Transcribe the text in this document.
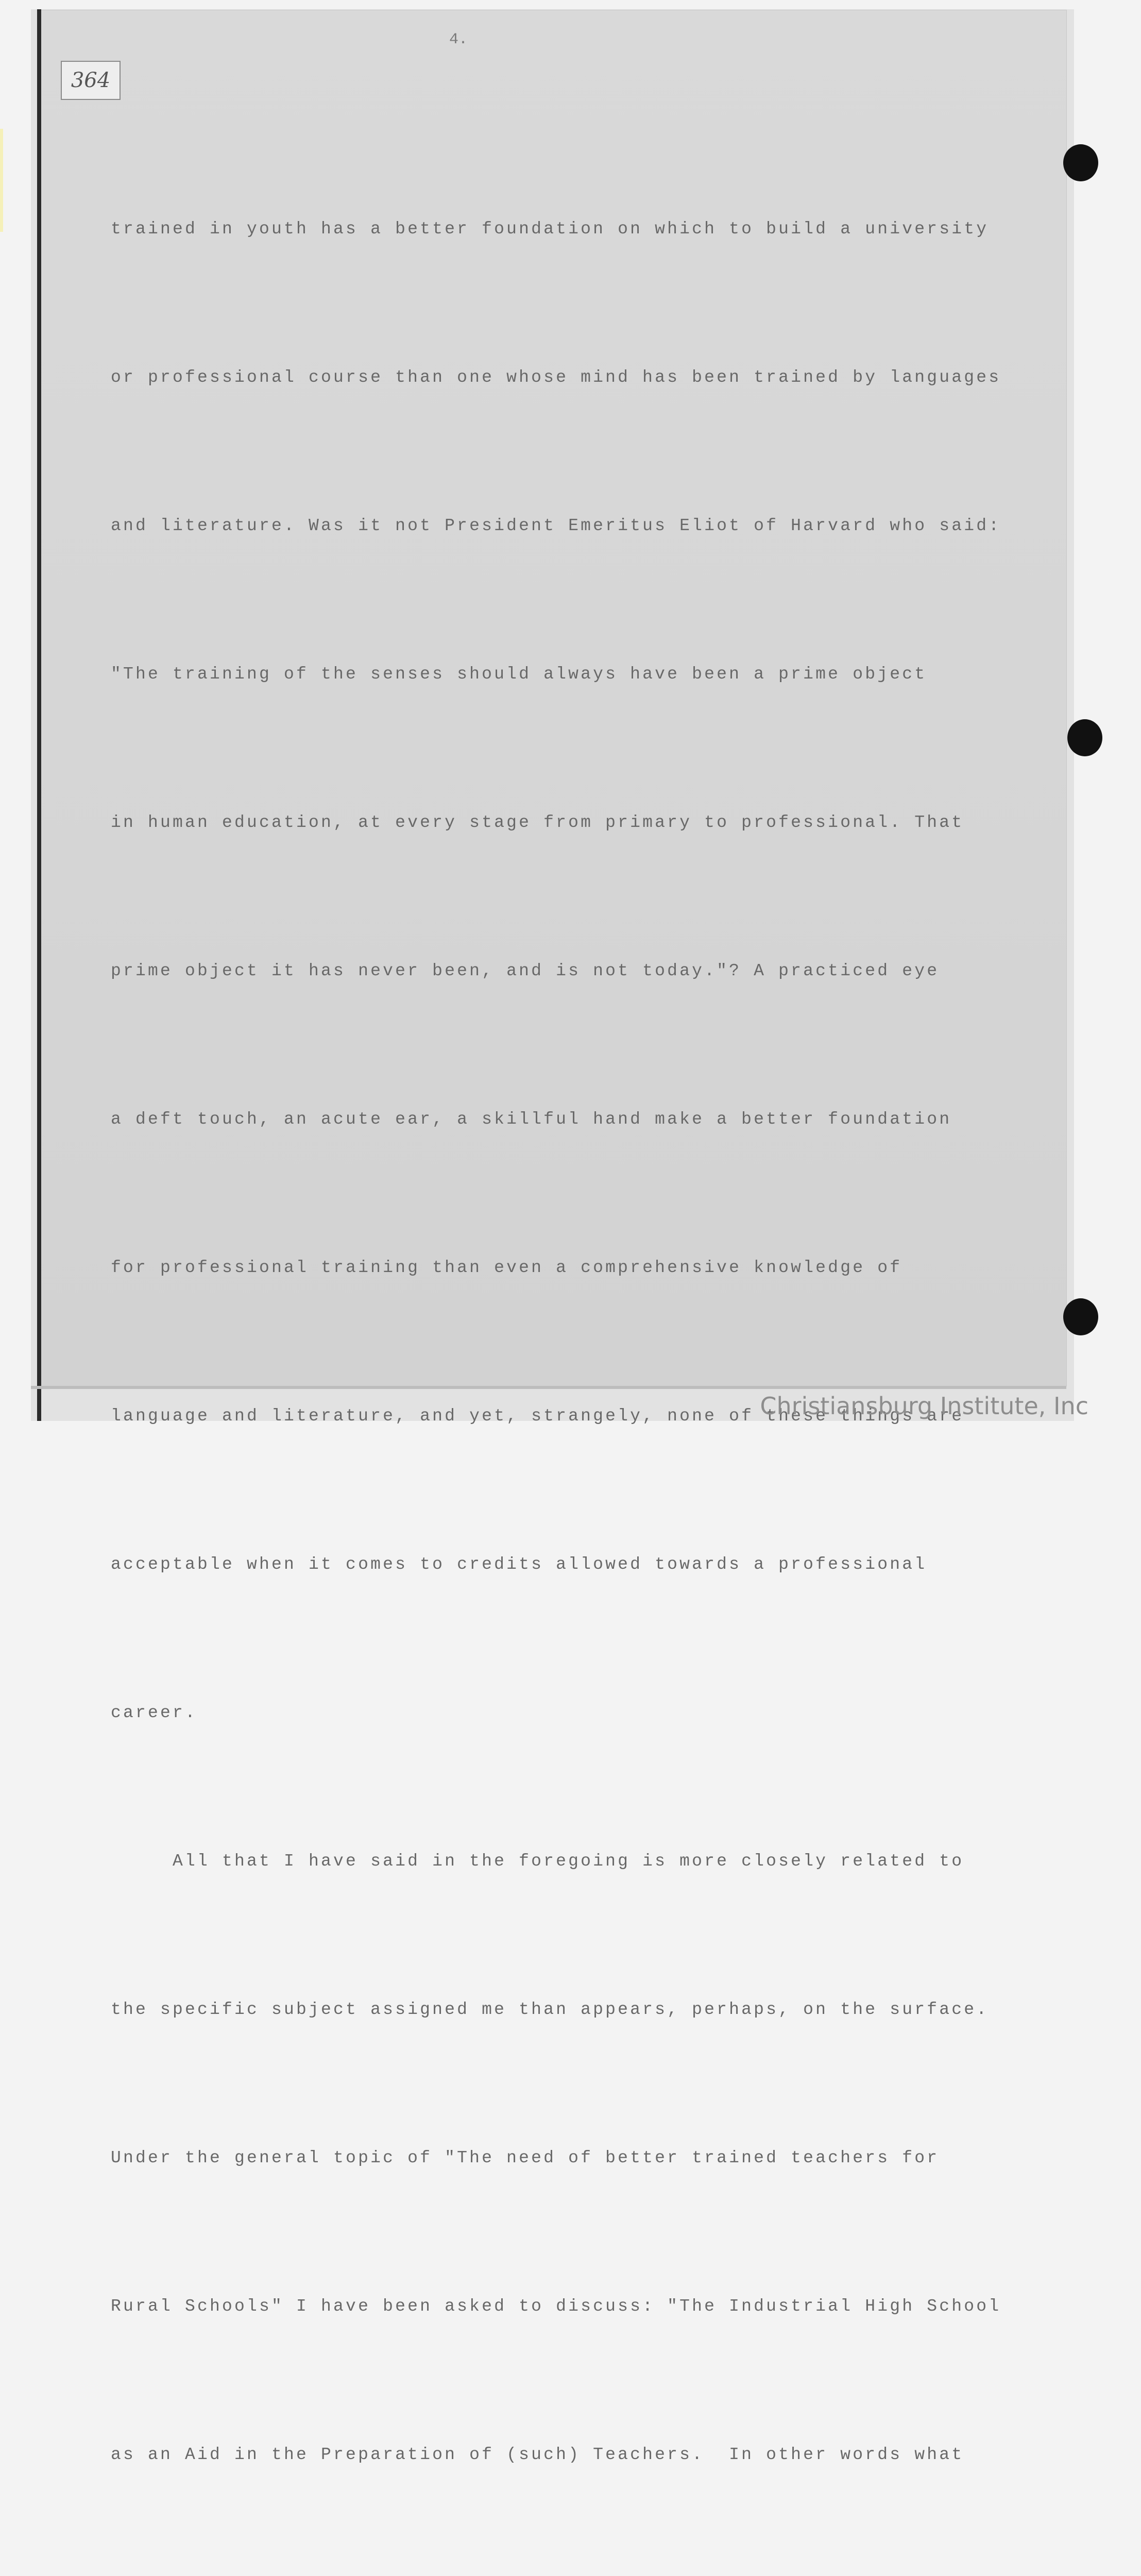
4.
364

trained in youth has a better foundation on which to build a university

or professional course than one whose mind has been trained by languages

and literature. Was it not President Emeritus Eliot of Harvard who said:

"The training of the senses should always have been a prime object

in human education, at every stage from primary to professional. That

prime object it has never been, and is not today."? A practiced eye

a deft touch, an acute ear, a skillful hand make a better foundation

for professional training than even a comprehensive knowledge of

language and literature, and yet, strangely, none of these things are

acceptable when it comes to credits allowed towards a professional

career.

All that I have said in the foregoing is more closely related to

the specific subject assigned me than appears, perhaps, on the surface.

Under the general topic of "The need of better trained teachers for

Rural Schools" I have been asked to discuss: "The Industrial High School

as an Aid in the Preparation of (such) Teachers.  In other words what

Christiansburg Institute, Inc
